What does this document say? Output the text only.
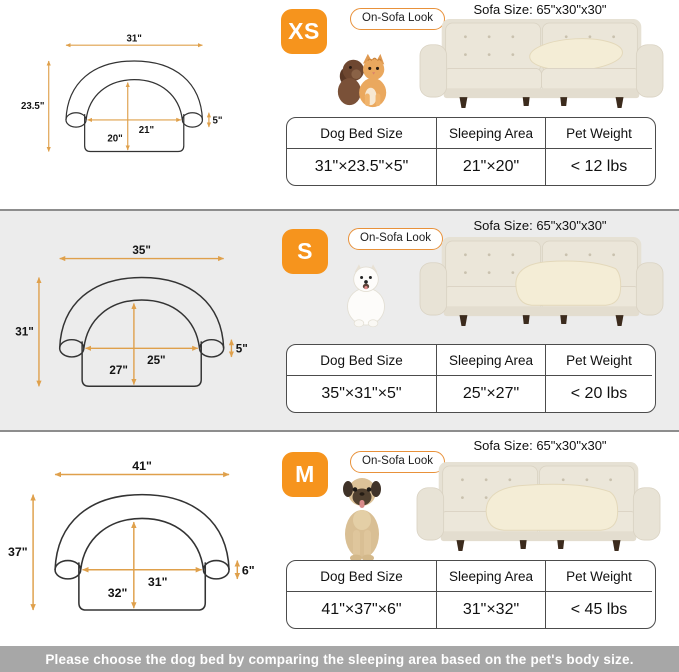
31"
23.5"
21"
20"
5"
XS	On-Sofa Look
Sofa Size: 65"x30"x30"
Dog Bed Size	Sleeping Area	Pet Weight
31"×23.5"×5"	21"×20"	< 12 lbs
35"
31"
25"
27"
5"
S	On-Sofa Look
Sofa Size: 65"x30"x30"
Dog Bed Size	Sleeping Area	Pet Weight
35"×31"×5"	25"×27"	< 20 lbs
41"
37"
31"
32"
6"
M	On-Sofa Look
Sofa Size: 65"x30"x30"
Dog Bed Size	Sleeping Area	Pet Weight
41"×37"×6"	31"×32"	< 45 lbs
Please choose the dog bed by comparing the sleeping area based on the pet's body size.
